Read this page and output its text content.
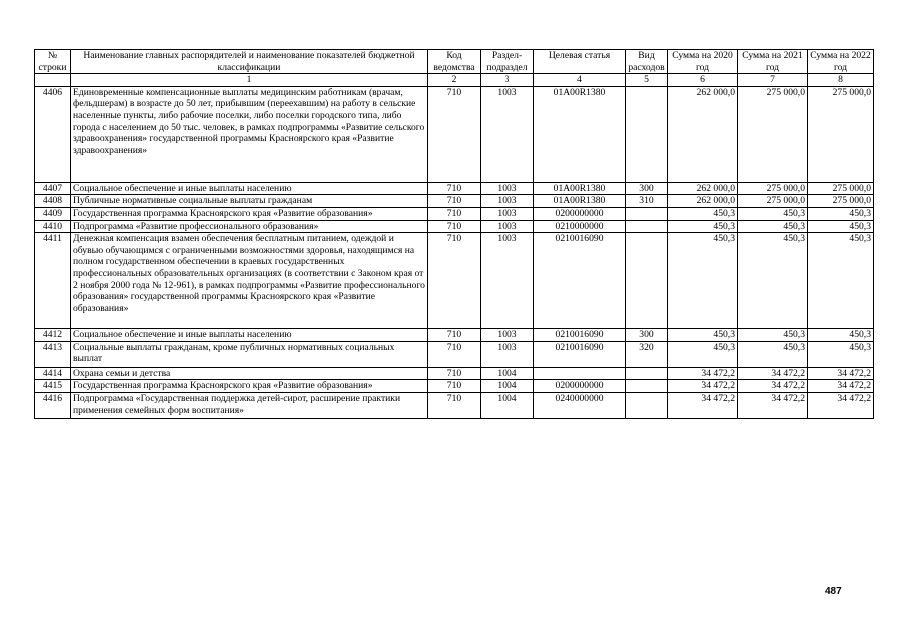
№ строки	Наименование главных распорядителей и наименование показателей бюджетной классификации	Код ведомства	Раздел-подраздел	Целевая статья	Вид расходов	Сумма на 2020 год	Сумма на 2021 год	Сумма на 2022 год
	1	2	3	4	5	6	7	8
4406	Единовременные компенсационные выплаты медицинским работникам (врачам, фельдшерам) в возрасте до 50 лет, прибывшим (переехавшим) на работу в сельские населенные пункты, либо рабочие поселки, либо поселки городского типа, либо города с населением до 50 тыс. человек, в рамках подпрограммы «Развитие сельского здравоохранения» государственной программы Красноярского края «Развитие здравоохранения»	710	1003	01А00R1380		262 000,0	275 000,0	275 000,0
4407	Социальное обеспечение и иные выплаты населению	710	1003	01А00R1380	300	262 000,0	275 000,0	275 000,0
4408	Публичные нормативные социальные выплаты гражданам	710	1003	01А00R1380	310	262 000,0	275 000,0	275 000,0
4409	Государственная программа Красноярского края «Развитие образования»	710	1003	0200000000		450,3	450,3	450,3
4410	Подпрограмма «Развитие профессионального образования»	710	1003	0210000000		450,3	450,3	450,3
4411	Денежная компенсация взамен обеспечения бесплатным питанием, одеждой и обувью обучающимся с ограниченными возможностями здоровья, находящимся на полном государственном обеспечении в краевых государственных профессиональных образовательных организациях (в соответствии с Законом края от 2 ноября 2000 года № 12-961), в рамках подпрограммы «Развитие профессионального образования» государственной программы Красноярского края «Развитие образования»	710	1003	0210016090		450,3	450,3	450,3
4412	Социальное обеспечение и иные выплаты населению	710	1003	0210016090	300	450,3	450,3	450,3
4413	Социальные выплаты гражданам, кроме публичных нормативных социальных выплат	710	1003	0210016090	320	450,3	450,3	450,3
4414	Охрана семьи и детства	710	1004			34 472,2	34 472,2	34 472,2
4415	Государственная программа Красноярского края «Развитие образования»	710	1004	0200000000		34 472,2	34 472,2	34 472,2
4416	Подпрограмма «Государственная поддержка детей-сирот, расширение практики применения семейных форм воспитания»	710	1004	0240000000		34 472,2	34 472,2	34 472,2
487
